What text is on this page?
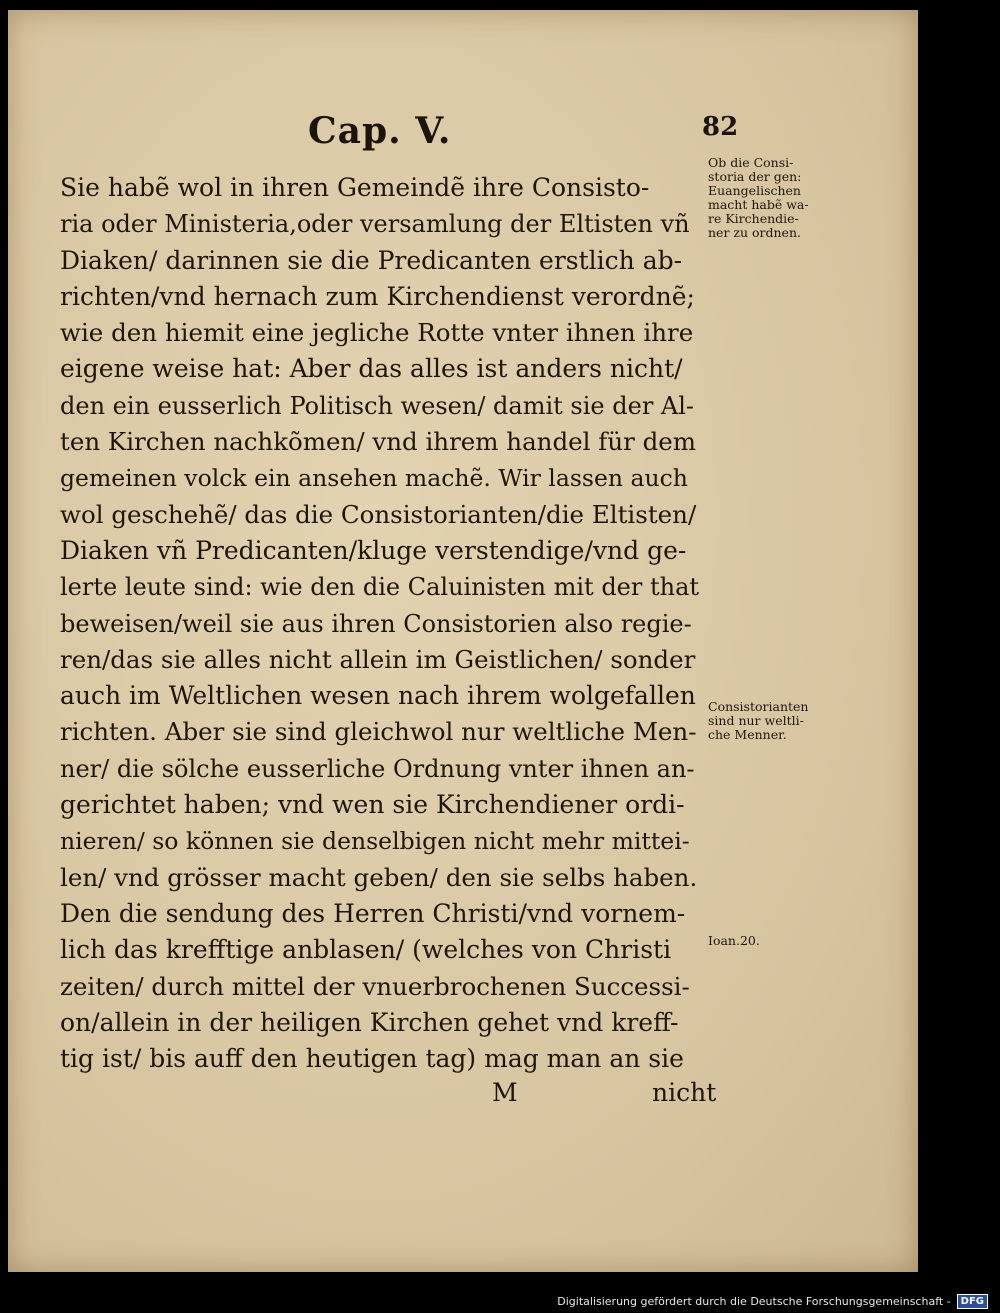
Cap. V.	82
Sie habẽ wol in ihren Gemeindẽ ihre Consisto-
ria oder Ministeria,oder versamlung der Eltisten vñ
Diaken/ darinnen sie die Predicanten erstlich ab-
richten/vnd hernach zum Kirchendienst verordnẽ;
wie den hiemit eine jegliche Rotte vnter ihnen ihre
eigene weise hat: Aber das alles ist anders nicht/
den ein eusserlich Politisch wesen/ damit sie der Al-
ten Kirchen nachkõmen/ vnd ihrem handel für dem
gemeinen volck ein ansehen machẽ. Wir lassen auch
wol geschehẽ/ das die Consistorianten/die Eltisten/
Diaken vñ Predicanten/kluge verstendige/vnd ge-
lerte leute sind: wie den die Caluinisten mit der that
beweisen/weil sie aus ihren Consistorien also regie-
ren/das sie alles nicht allein im Geistlichen/ sonder
auch im Weltlichen wesen nach ihrem wolgefallen
richten. Aber sie sind gleichwol nur weltliche Men-
ner/ die sölche eusserliche Ordnung vnter ihnen an-
gerichtet haben; vnd wen sie Kirchendiener ordi-
nieren/ so können sie denselbigen nicht mehr mittei-
len/ vnd grösser macht geben/ den sie selbs haben.
Den die sendung des Herren Christi/vnd vornem-
lich das krefftige anblasen/ (welches von Christi
zeiten/ durch mittel der vnuerbrochenen Successi-
on/allein in der heiligen Kirchen gehet vnd kreff-
tig ist/ bis auff den heutigen tag) mag man an sie
M	nicht
Ob die Consi-
storia der gen:
Euangelischen
macht habẽ wa-
re Kirchendie-
ner zu ordnen.
Consistorianten
sind nur weltli-
che Menner.
Ioan.20.
Digitalisierung gefördert durch die Deutsche Forschungsgemeinschaft -	DFG
